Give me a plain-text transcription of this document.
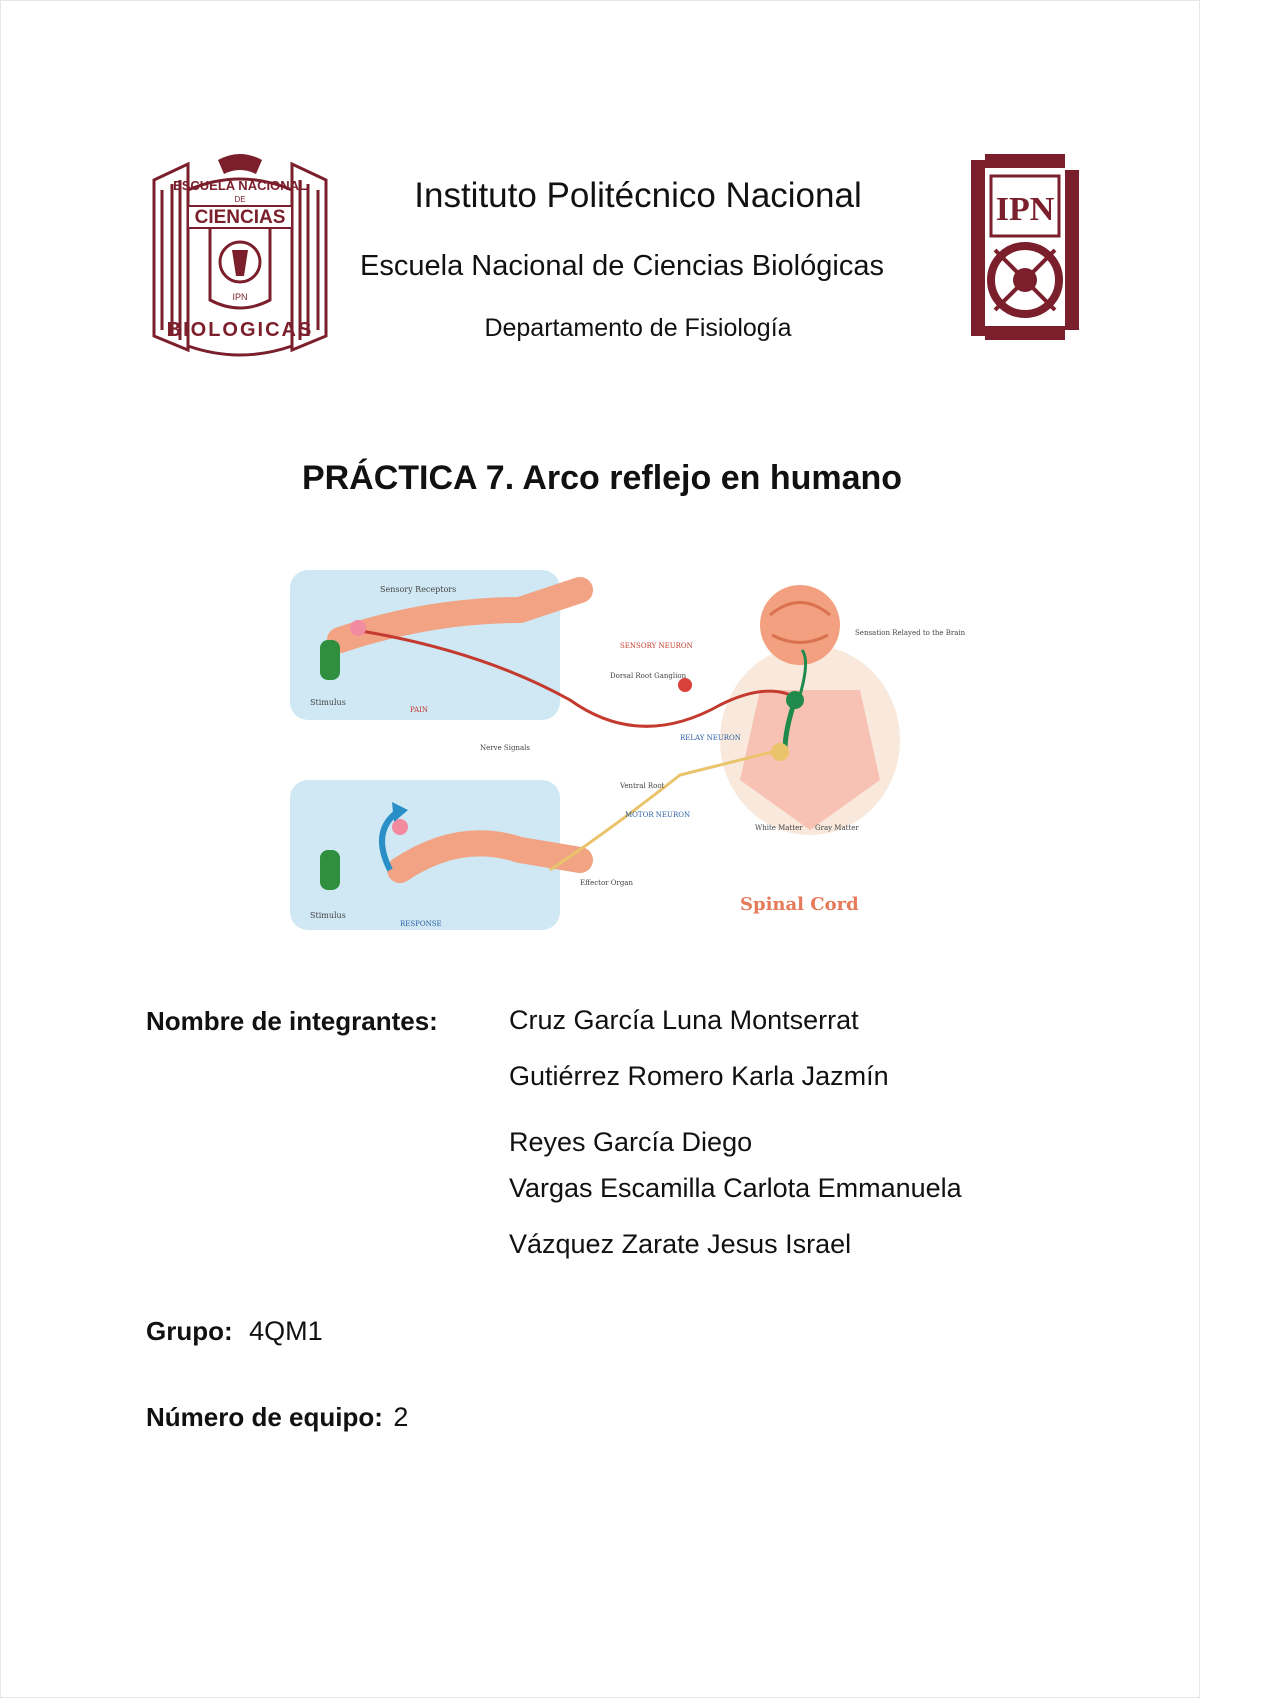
ESCUELA NACIONAL
DE
CIENCIAS
BIOLOGICAS
IPN
IPN
Instituto Politécnico Nacional
Escuela Nacional de Ciencias Biológicas
Departamento de Fisiología
PRÁCTICA 7. Arco reflejo en humano
Sensory Receptors
Stimulus
PAIN
SENSORY NEURON
Dorsal Root Ganglion
Sensation Relayed to the Brain
Nerve Signals
RELAY NEURON
Ventral Root
MOTOR NEURON
White Matter Gray Matter
Effector Organ
Spinal Cord
Stimulus
RESPONSE
Nombre de integrantes:	Cruz García Luna Montserrat
Gutiérrez Romero Karla Jazmín
Reyes García Diego
Vargas Escamilla Carlota Emmanuela
Vázquez Zarate Jesus Israel
Grupo: 4QM1
Número de equipo: 2
